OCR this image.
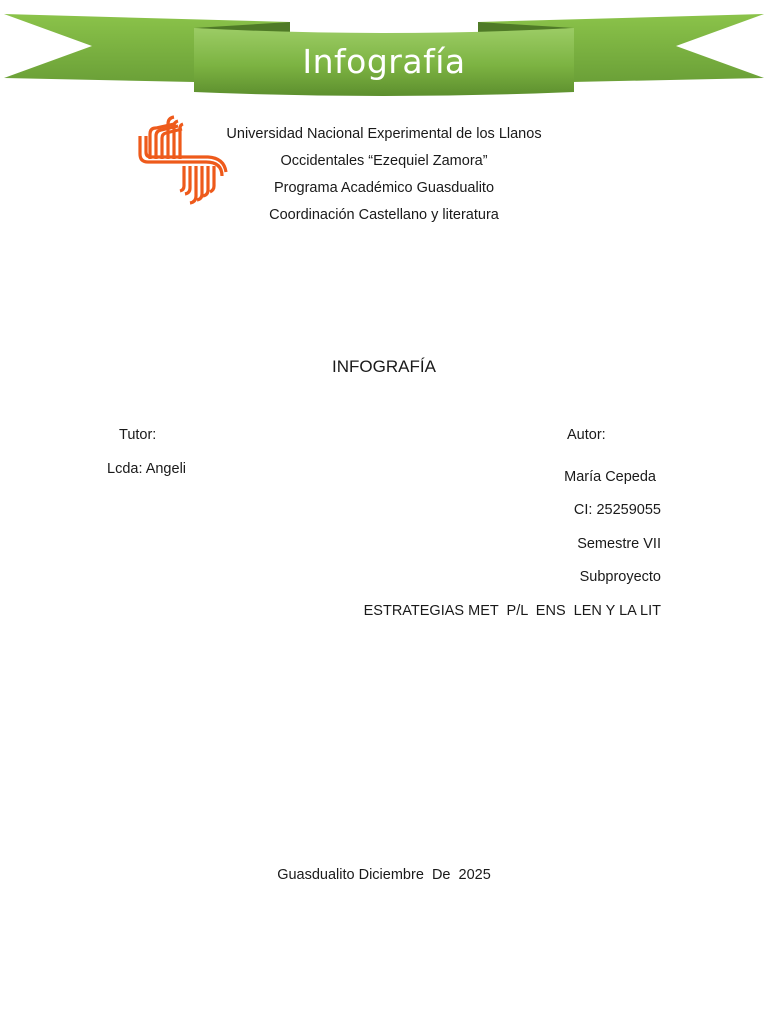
Infografía
Universidad Nacional Experimental de los Llanos
Occidentales “Ezequiel Zamora”
Programa Académico Guasdualito
Coordinación Castellano y literatura
INFOGRAFÍA
Tutor:
Lcda: Angeli
Autor:
María Cepeda
CI: 25259055
Semestre VII
Subproyecto
ESTRATEGIAS MET  P/L  ENS  LEN Y LA LIT
Guasdualito Diciembre  De  2025
